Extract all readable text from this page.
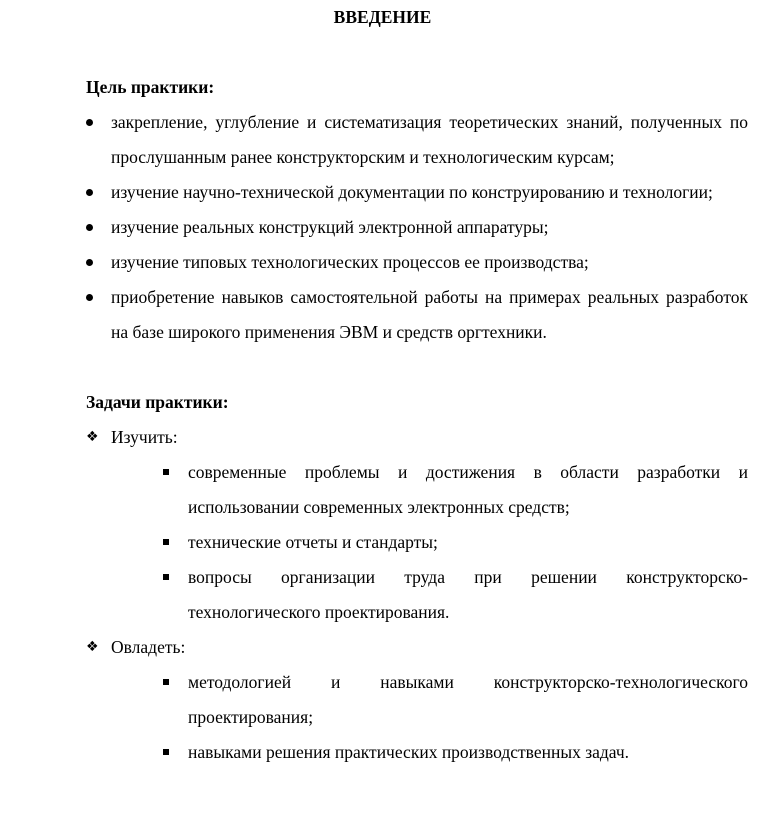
ВВЕДЕНИЕ

Цель практики:

закрепление, углубление и систематизация теоретических знаний, полученных по прослушанным ранее конструкторским и технологическим курсам;
изучение научно-технической документации по конструированию и технологии;
изучение реальных конструкций электронной аппаратуры;
изучение типовых технологических процессов ее производства;
приобретение навыков самостоятельной работы на примерах реальных разработок на базе широкого применения ЭВМ и средств оргтехники.

Задачи практики:

❖ Изучить:
современные проблемы и достижения в области разработки и использовании современных электронных средств;
технические отчеты и стандарты;
вопросы организации труда при решении конструкторско-технологического проектирования.
❖ Овладеть:
методологией и навыками конструкторско-технологического проектирования;
навыками решения практических производственных задач.
